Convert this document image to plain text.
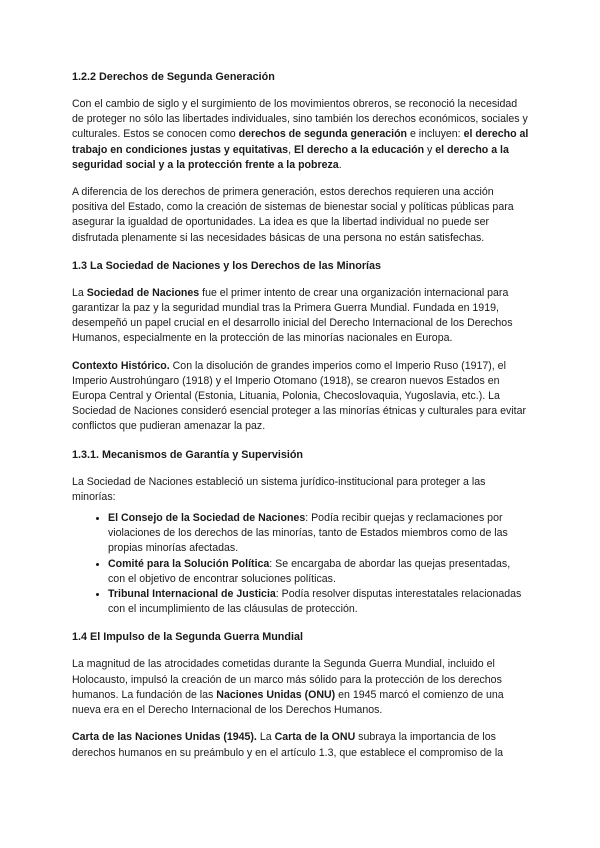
1.2.2 Derechos de Segunda Generación

Con el cambio de siglo y el surgimiento de los movimientos obreros, se reconoció la necesidad de proteger no sólo las libertades individuales, sino también los derechos económicos, sociales y culturales. Estos se conocen como derechos de segunda generación e incluyen: el derecho al trabajo en condiciones justas y equitativas, El derecho a la educación y el derecho a la seguridad social y a la protección frente a la pobreza.

A diferencia de los derechos de primera generación, estos derechos requieren una acción positiva del Estado, como la creación de sistemas de bienestar social y políticas públicas para asegurar la igualdad de oportunidades. La idea es que la libertad individual no puede ser disfrutada plenamente si las necesidades básicas de una persona no están satisfechas.

1.3 La Sociedad de Naciones y los Derechos de las Minorías

La Sociedad de Naciones fue el primer intento de crear una organización internacional para garantizar la paz y la seguridad mundial tras la Primera Guerra Mundial. Fundada en 1919, desempeñó un papel crucial en el desarrollo inicial del Derecho Internacional de los Derechos Humanos, especialmente en la protección de las minorías nacionales en Europa.

Contexto Histórico. Con la disolución de grandes imperios como el Imperio Ruso (1917), el Imperio Austrohúngaro (1918) y el Imperio Otomano (1918), se crearon nuevos Estados en Europa Central y Oriental (Estonia, Lituania, Polonia, Checoslovaquia, Yugoslavia, etc.). La Sociedad de Naciones consideró esencial proteger a las minorías étnicas y culturales para evitar conflictos que pudieran amenazar la paz.

1.3.1. Mecanismos de Garantía y Supervisión

La Sociedad de Naciones estableció un sistema jurídico-institucional para proteger a las minorías:

• El Consejo de la Sociedad de Naciones: Podía recibir quejas y reclamaciones por violaciones de los derechos de las minorías, tanto de Estados miembros como de las propias minorías afectadas.
• Comité para la Solución Política: Se encargaba de abordar las quejas presentadas, con el objetivo de encontrar soluciones políticas.
• Tribunal Internacional de Justicia: Podía resolver disputas interestatales relacionadas con el incumplimiento de las cláusulas de protección.
1.4 El Impulso de la Segunda Guerra Mundial

La magnitud de las atrocidades cometidas durante la Segunda Guerra Mundial, incluido el Holocausto, impulsó la creación de un marco más sólido para la protección de los derechos humanos. La fundación de las Naciones Unidas (ONU) en 1945 marcó el comienzo de una nueva era en el Derecho Internacional de los Derechos Humanos.

Carta de las Naciones Unidas (1945). La Carta de la ONU subraya la importancia de los derechos humanos en su preámbulo y en el artículo 1.3, que establece el compromiso de la
